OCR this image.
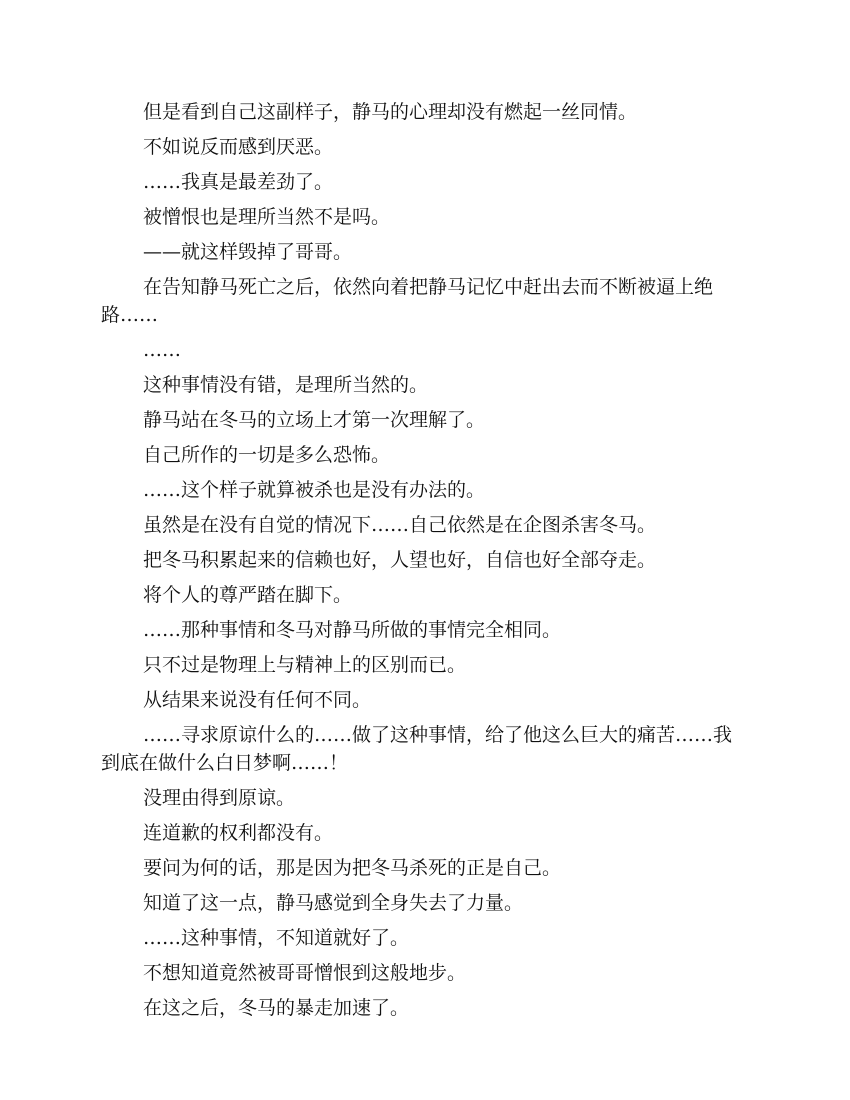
但是看到自己这副样子，静马的心理却没有燃起一丝同情。

不如说反而感到厌恶。

……我真是最差劲了。

被憎恨也是理所当然不是吗。

——就这样毁掉了哥哥。

在告知静马死亡之后，依然向着把静马记忆中赶出去而不断被逼上绝路……

……

这种事情没有错，是理所当然的。

静马站在冬马的立场上才第一次理解了。

自己所作的一切是多么恐怖。

……这个样子就算被杀也是没有办法的。

虽然是在没有自觉的情况下……自己依然是在企图杀害冬马。

把冬马积累起来的信赖也好，人望也好，自信也好全部夺走。

将个人的尊严踏在脚下。

……那种事情和冬马对静马所做的事情完全相同。

只不过是物理上与精神上的区别而已。

从结果来说没有任何不同。

……寻求原谅什么的……做了这种事情，给了他这么巨大的痛苦……我到底在做什么白日梦啊……！

没理由得到原谅。

连道歉的权利都没有。

要问为何的话，那是因为把冬马杀死的正是自己。

知道了这一点，静马感觉到全身失去了力量。

……这种事情，不知道就好了。

不想知道竟然被哥哥憎恨到这般地步。

在这之后，冬马的暴走加速了。
